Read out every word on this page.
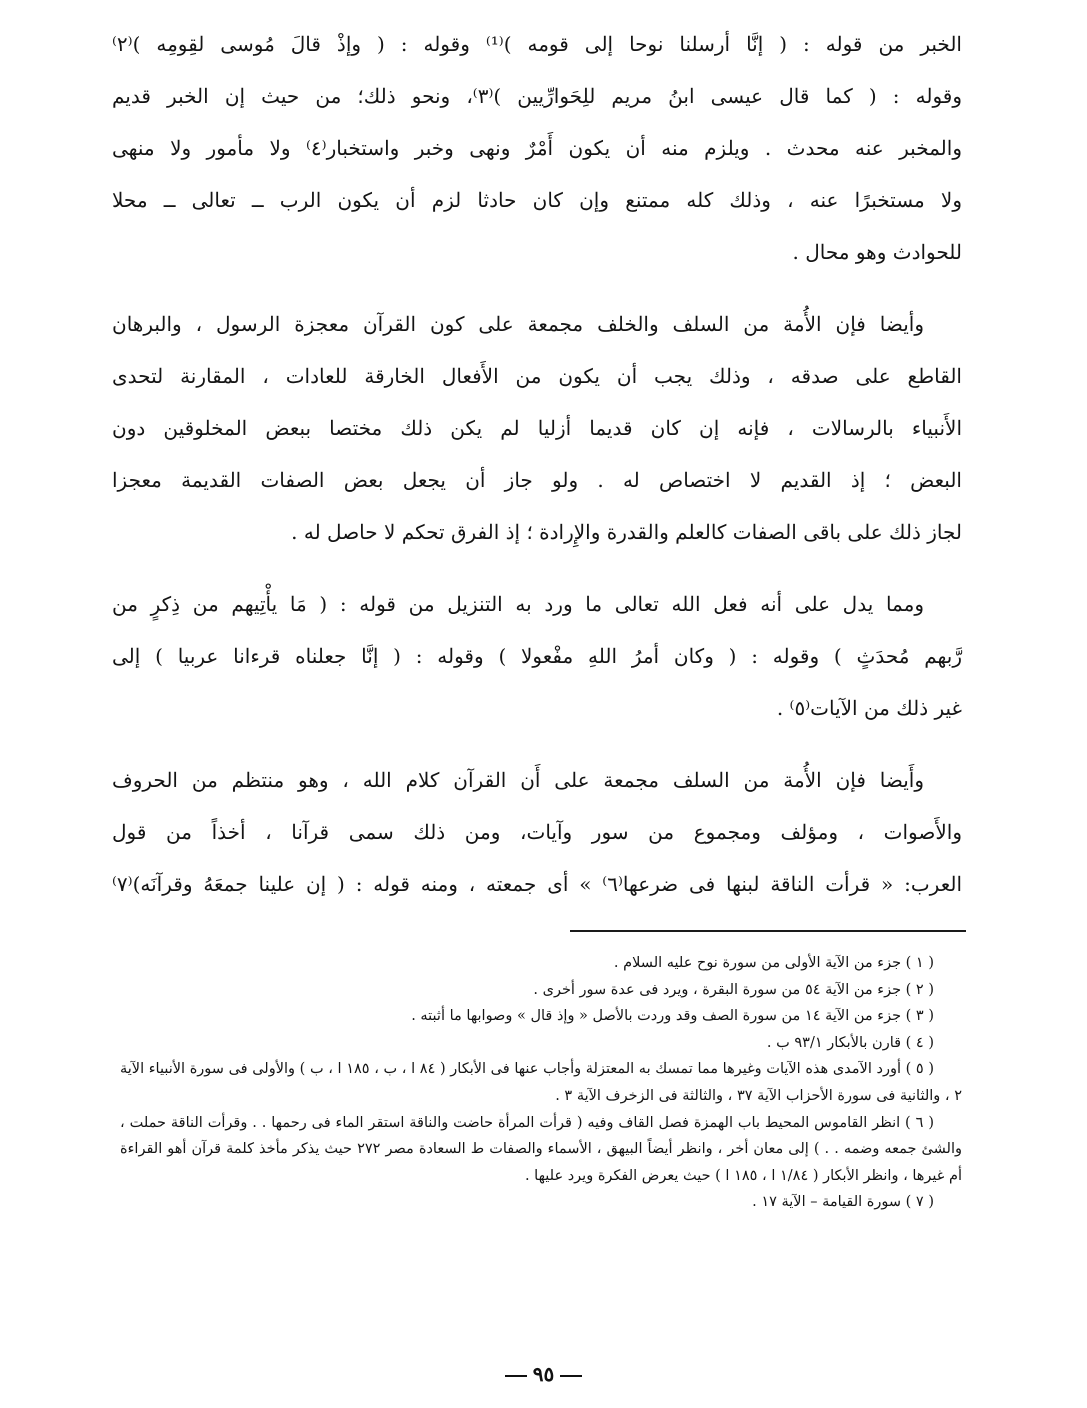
الخبر من قوله : ( إنَّا أرسلنا نوحا إلى قومه )⁽¹⁾ وقوله : ( وإذْ قالَ مُوسى لقِومِه )⁽٢⁾
وقوله : ( كما قال عيسى ابنُ مريم للِحَوارِّيين )⁽٣⁾، ونحو ذلك؛ من حيث إن الخبر قديم
والمخبر عنه محدث . ويلزم منه أن يكون أَمْرٌ ونهى وخبر واستخبار⁽٤⁾ ولا مأمور ولا منهى
ولا مستخبرًا عنه ، وذلك كله ممتنع وإن كان حادثا لزم أن يكون الرب ــ تعالى ــ محلا
للحوادث وهو محال .

وأيضا فإن الأُمة من السلف والخلف مجمعة على كون القرآن معجزة الرسول ، والبرهان
القاطع على صدقه ، وذلك يجب أن يكون من الأَفعال الخارقة للعادات ، المقارنة لتحدى
الأَنبياء بالرسالات ، فإنه إن كان قديما أزليا لم يكن ذلك مختصا ببعض المخلوقين دون
البعض ؛ إذ القديم لا اختصاص له . ولو جاز أن يجعل بعض الصفات القديمة معجزا
لجاز ذلك على باقى الصفات كالعلم والقدرة والإِرادة ؛ إذ الفرق تحكم لا حاصل له .

ومما يدل على أنه فعل الله تعالى ما ورد به التنزيل من قوله : ( مَا يأْتِيهم من ذِكرٍ من
رَّبهم مُحدَثٍ ) وقوله : ( وكان أمرُ اللهِ مفْعولا ) وقوله : ( إنَّا جعلناه قرءانا عربيا ) إلى
غير ذلك من الآيات⁽٥⁾ .

وأَيضا فإن الأُمة من السلف مجمعة على أَن القرآن كلام الله ، وهو منتظم من الحروف
والأَصوات ، ومؤلف ومجموع من سور وآيات، ومن ذلك سمى قرآنا ، أخذاً من قول
العرب: « قرأت الناقة لبنها فى ضرعها⁽٦⁾ » أى جمعته ، ومنه قوله : ( إن علينا جمعَهُ وقرآنَه)⁽٧⁾

( ١ ) جزء من الآية الأولى من سورة نوح عليه السلام .

( ٢ ) جزء من الآية ٥٤ من سورة البقرة ، ويرد فى عدة سور أخرى .

( ٣ ) جزء من الآية ١٤ من سورة الصف وقد وردت بالأصل « وإذ قال » وصوابها ما أثبته .

( ٤ ) قارن بالأبكار ٩٣/١ ب .

( ٥ ) أورد الآمدى هذه الآيات وغيرها مما تمسك به المعتزلة وأجاب عنها فى الأبكار ( ٨٤ ا ، ب ، ١٨٥ ا ، ب ) والأولى فى سورة الأنبياء الآية ٢ ، والثانية فى سورة الأحزاب الآية ٣٧ ، والثالثة فى الزخرف الآية ٣ .

( ٦ ) انظر القاموس المحيط باب الهمزة فصل القاف وفيه ( قرأت المرأة حاضت والناقة استقر الماء فى رحمها . . وقرأت الناقة حملت ، والشئ جمعه وضمه . . ) إلى معان أخر ، وانظر أيضاً البيهق ، الأسماء والصفات ط السعادة مصر ٢٧٢ حيث يذكر مأخذ كلمة قرآن أهو القراءة أم غيرها ، وانظر الأبكار ( ١/٨٤ ا ، ١٨٥ ا ) حيث يعرض الفكرة ويرد عليها .

( ٧ ) سورة القيامة – الآية ١٧ .

٩٥
